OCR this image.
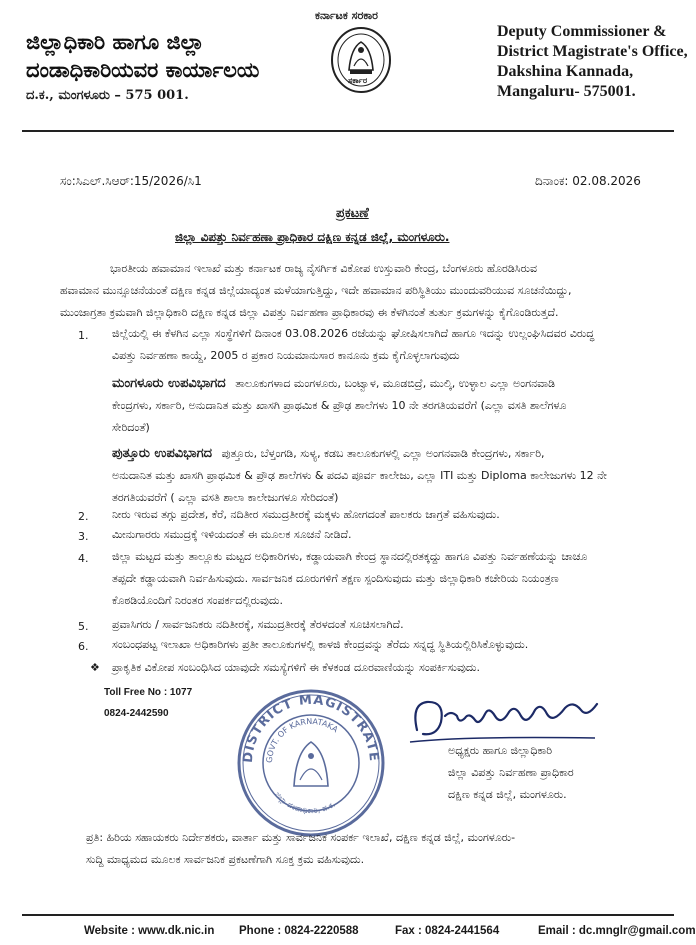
ಜಿಲ್ಲಾಧಿಕಾರಿ ಹಾಗೂ ಜಿಲ್ಲಾ
ದಂಡಾಧಿಕಾರಿಯವರ ಕಾರ್ಯಾಲಯ
ದ.ಕ., ಮಂಗಳೂರು – 575 001.
ಕರ್ನಾಟಕ ಸರಕಾರ
ಸರ್ಕಾರ
Deputy Commissioner &
District Magistrate's Office,
Dakshina Kannada,
Mangaluru- 575001.
ಸಂ:ಸಿಎಲ್.ಸಿಆರ್:15/2026/ಸಿ1	ದಿನಾಂಕ: 02.08.2026
ಪ್ರಕಟಣೆ
ಜಿಲ್ಲಾ ವಿಪತ್ತು ನಿರ್ವಹಣಾ ಪ್ರಾಧಿಕಾರ ದಕ್ಷಿಣ ಕನ್ನಡ ಜಿಲ್ಲೆ, ಮಂಗಳೂರು.
ಭಾರತೀಯ ಹವಾಮಾನ ಇಲಾಖೆ ಮತ್ತು ಕರ್ನಾಟಕ ರಾಜ್ಯ ನೈಸರ್ಗಿಕ ವಿಕೋಪ ಉಸ್ತುವಾರಿ ಕೇಂದ್ರ, ಬೆಂಗಳೂರು ಹೊರಡಿಸಿರುವ
ಹವಾಮಾನ ಮುನ್ಸೂಚನೆಯಂತೆ ದಕ್ಷಿಣ ಕನ್ನಡ ಜಿಲ್ಲೆಯಾದ್ಯಂತ ಮಳೆಯಾಗುತ್ತಿದ್ದು, ಇದೇ ಹವಾಮಾನ ಪರಿಸ್ಥಿತಿಯು ಮುಂದುವರಿಯುವ ಸೂಚನೆಯಿದ್ದು,
ಮುಂಜಾಗ್ರತಾ ಕ್ರಮವಾಗಿ ಜಿಲ್ಲಾಧಿಕಾರಿ ದಕ್ಷಿಣ ಕನ್ನಡ ಜಿಲ್ಲಾ ವಿಪತ್ತು ನಿರ್ವಹಣಾ ಪ್ರಾಧಿಕಾರವು ಈ ಕೆಳಗಿನಂತೆ ತುರ್ತು ಕ್ರಮಗಳನ್ನು ಕೈಗೊಂಡಿರುತ್ತದೆ.
1. ಜಿಲ್ಲೆಯಲ್ಲಿ ಈ ಕೆಳಗಿನ ಎಲ್ಲಾ ಸಂಸ್ಥೆಗಳಿಗೆ ದಿನಾಂಕ 03.08.2026 ರಜೆಯನ್ನು ಘೋಷಿಸಲಾಗಿದೆ ಹಾಗೂ ಇದನ್ನು ಉಲ್ಲಂಘಿಸಿದವರ ವಿರುದ್ಧ
ವಿಪತ್ತು ನಿರ್ವಹಣಾ ಕಾಯ್ದೆ, 2005 ರ ಪ್ರಕಾರ ನಿಯಮಾನುಸಾರ ಕಾನೂನು ಕ್ರಮ ಕೈಗೊಳ್ಳಲಾಗುವುದು
ಮಂಗಳೂರು ಉಪವಿಭಾಗದ ತಾಲೂಕುಗಳಾದ ಮಂಗಳೂರು, ಬಂಟ್ವಾಳ, ಮೂಡಬಿದ್ರೆ, ಮುಲ್ಕಿ, ಉಳ್ಳಾಲ ಎಲ್ಲಾ ಅಂಗನವಾಡಿ
ಕೇಂದ್ರಗಳು, ಸರ್ಕಾರಿ, ಅನುದಾನಿತ ಮತ್ತು ಖಾಸಗಿ ಪ್ರಾಥಮಿಕ & ಪ್ರೌಢ ಶಾಲೆಗಳು 10 ನೇ ತರಗತಿಯವರೆಗೆ (ಎಲ್ಲಾ ವಸತಿ ಶಾಲೆಗಳೂ
ಸೇರಿದಂತೆ)
ಪುತ್ತೂರು ಉಪವಿಭಾಗದ ಪುತ್ತೂರು, ಬೆಳ್ತಂಗಡಿ, ಸುಳ್ಯ, ಕಡಬ ತಾಲೂಕುಗಳಲ್ಲಿ ಎಲ್ಲಾ ಅಂಗನವಾಡಿ ಕೇಂದ್ರಗಳು, ಸರ್ಕಾರಿ,
ಅನುದಾನಿತ ಮತ್ತು ಖಾಸಗಿ ಪ್ರಾಥಮಿಕ & ಪ್ರೌಢ ಶಾಲೆಗಳು & ಪದವಿ ಪೂರ್ವ ಕಾಲೇಜು, ಎಲ್ಲಾ ITI ಮತ್ತು Diploma ಕಾಲೇಜುಗಳು 12 ನೇ
ತರಗತಿಯವರೆಗೆ ( ಎಲ್ಲಾ ವಸತಿ ಶಾಲಾ ಕಾಲೇಜುಗಳೂ ಸೇರಿದಂತೆ)
2. ನೀರು ಇರುವ ತಗ್ಗು ಪ್ರದೇಶ, ಕೆರೆ, ನದಿತೀರ ಸಮುದ್ರತೀರಕ್ಕೆ ಮಕ್ಕಳು ಹೋಗದಂತೆ ಪಾಲಕರು ಜಾಗ್ರತೆ ವಹಿಸುವುದು.
3. ಮೀನುಗಾರರು ಸಮುದ್ರಕ್ಕೆ ಇಳಿಯದಂತೆ ಈ ಮೂಲಕ ಸೂಚನೆ ನೀಡಿದೆ.
4. ಜಿಲ್ಲಾ ಮಟ್ಟದ ಮತ್ತು ತಾಲ್ಲೂಕು ಮಟ್ಟದ ಅಧಿಕಾರಿಗಳು, ಕಡ್ಡಾಯವಾಗಿ ಕೇಂದ್ರ ಸ್ಥಾನದಲ್ಲಿರತಕ್ಕದ್ದು ಹಾಗೂ ವಿಪತ್ತು ನಿರ್ವಹಣೆಯನ್ನು ಚಾಚೂ
ತಪ್ಪದೇ ಕಡ್ಡಾಯವಾಗಿ ನಿರ್ವಹಿಸುವುದು. ಸಾರ್ವಜನಿಕ ದೂರುಗಳಿಗೆ ತಕ್ಷಣ ಸ್ಪಂದಿಸುವುದು ಮತ್ತು ಜಿಲ್ಲಾಧಿಕಾರಿ ಕಚೇರಿಯ ನಿಯಂತ್ರಣ
ಕೊಠಡಿಯೊಂದಿಗೆ ನಿರಂತರ ಸಂಪರ್ಕದಲ್ಲಿರುವುದು.
5. ಪ್ರವಾಸಿಗರು / ಸಾರ್ವಜನಿಕರು ನದಿತೀರಕ್ಕೆ, ಸಮುದ್ರತೀರಕ್ಕೆ ತೆರಳದಂತೆ ಸೂಚಿಸಲಾಗಿದೆ.
6. ಸಂಬಂಧಪಟ್ಟ ಇಲಾಖಾ ಅಧಿಕಾರಿಗಳು ಪ್ರತೀ ತಾಲೂಕುಗಳಲ್ಲಿ ಕಾಳಜಿ ಕೇಂದ್ರವನ್ನು ತೆರೆದು ಸನ್ನದ್ಧ ಸ್ಥಿತಿಯಲ್ಲಿರಿಸಿಕೊಳ್ಳುವುದು.
❖ ಪ್ರಾಕೃತಿಕ ವಿಕೋಪ ಸಂಬಂಧಿಸಿದ ಯಾವುದೇ ಸಮಸ್ಯೆಗಳಿಗೆ ಈ ಕೆಳಕಂಡ ದೂರವಾಣಿಯನ್ನು ಸಂಪರ್ಕಿಸುವುದು.
Toll Free No : 1077
0824-2442590
DISTRICT MAGISTRATE
GOVT. OF KARNATAKA
ಜಿಲ್ಲಾ ದಂಡಾಧಿಕಾರಿ, ದ.ಕ.
ಅಧ್ಯಕ್ಷರು ಹಾಗೂ ಜಿಲ್ಲಾಧಿಕಾರಿ
ಜಿಲ್ಲಾ ವಿಪತ್ತು ನಿರ್ವಹಣಾ ಪ್ರಾಧಿಕಾರ
ದಕ್ಷಿಣ ಕನ್ನಡ ಜಿಲ್ಲೆ, ಮಂಗಳೂರು.
ಪ್ರತಿ: ಹಿರಿಯ ಸಹಾಯಕರು ನಿರ್ದೇಶಕರು, ವಾರ್ತಾ ಮತ್ತು ಸಾರ್ವಜನಿಕ ಸಂಪರ್ಕ ಇಲಾಖೆ, ದಕ್ಷಿಣ ಕನ್ನಡ ಜಿಲ್ಲೆ, ಮಂಗಳೂರು-
ಸುದ್ದಿ ಮಾಧ್ಯಮದ ಮೂಲಕ ಸಾರ್ವಜನಿಕ ಪ್ರಕಟಣೆಗಾಗಿ ಸೂಕ್ತ ಕ್ರಮ ವಹಿಸುವುದು.
Website : www.dk.nic.in Phone : 0824-2220588	Fax : 0824-2441564	Email : dc.mnglr@gmail.com
